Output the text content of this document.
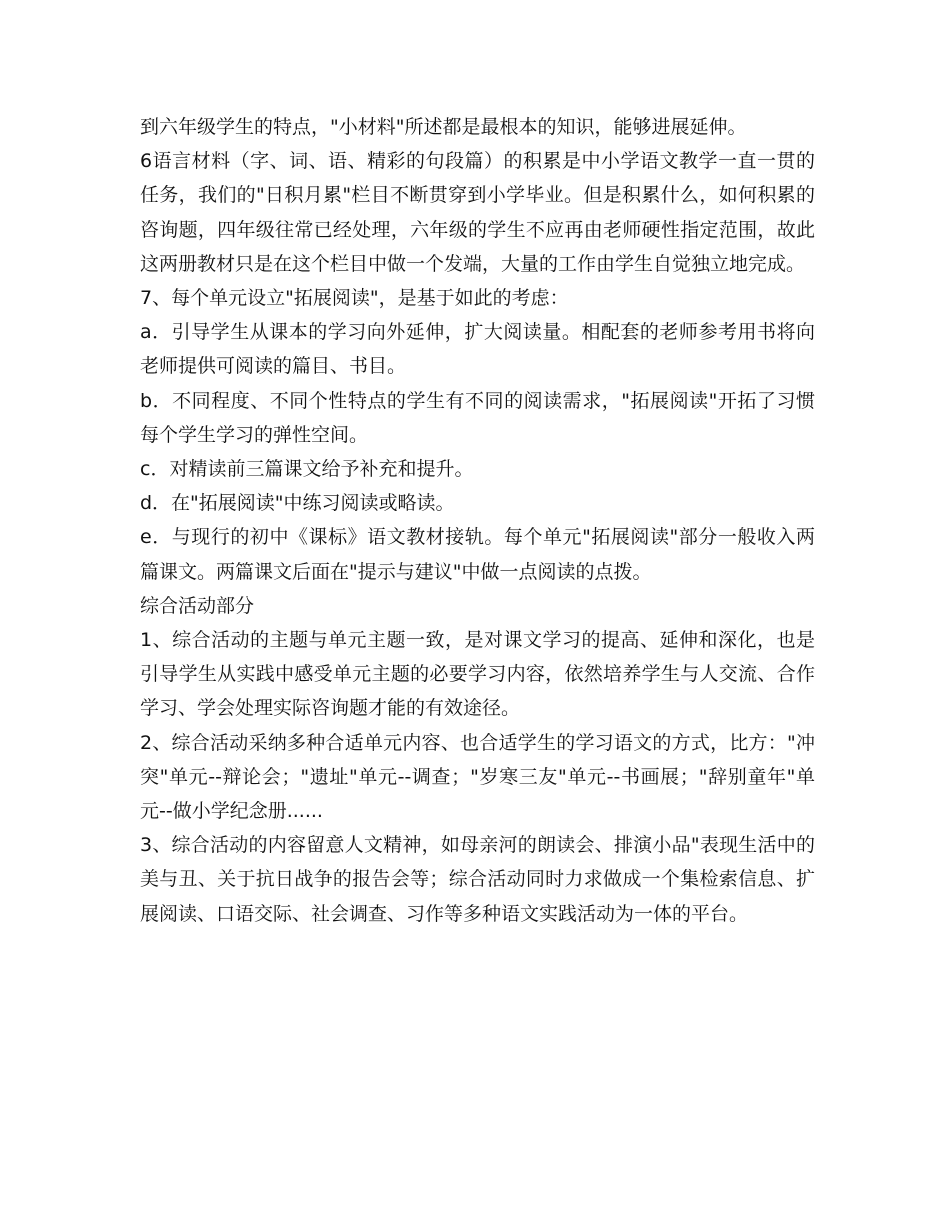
到六年级学生的特点，"小材料"所述都是最根本的知识，能够进展延伸。

6语言材料（字、词、语、精彩的句段篇）的积累是中小学语文教学一直一贯的任务，我们的"日积月累"栏目不断贯穿到小学毕业。但是积累什么，如何积累的咨询题，四年级往常已经处理，六年级的学生不应再由老师硬性指定范围，故此这两册教材只是在这个栏目中做一个发端，大量的工作由学生自觉独立地完成。

7、每个单元设立"拓展阅读"，是基于如此的考虑：

a．引导学生从课本的学习向外延伸，扩大阅读量。相配套的老师参考用书将向老师提供可阅读的篇目、书目。

b．不同程度、不同个性特点的学生有不同的阅读需求，"拓展阅读"开拓了习惯每个学生学习的弹性空间。

c．对精读前三篇课文给予补充和提升。

d．在"拓展阅读"中练习阅读或略读。

e．与现行的初中《课标》语文教材接轨。每个单元"拓展阅读"部分一般收入两篇课文。两篇课文后面在"提示与建议"中做一点阅读的点拨。

综合活动部分

1、综合活动的主题与单元主题一致，是对课文学习的提高、延伸和深化，也是引导学生从实践中感受单元主题的必要学习内容，依然培养学生与人交流、合作学习、学会处理实际咨询题才能的有效途径。

2、综合活动采纳多种合适单元内容、也合适学生的学习语文的方式，比方："冲突"单元--辩论会；"遗址"单元--调查；"岁寒三友"单元--书画展；"辞别童年"单元--做小学纪念册......

3、综合活动的内容留意人文精神，如母亲河的朗读会、排演小品"表现生活中的美与丑、关于抗日战争的报告会等；综合活动同时力求做成一个集检索信息、扩展阅读、口语交际、社会调查、习作等多种语文实践活动为一体的平台。
